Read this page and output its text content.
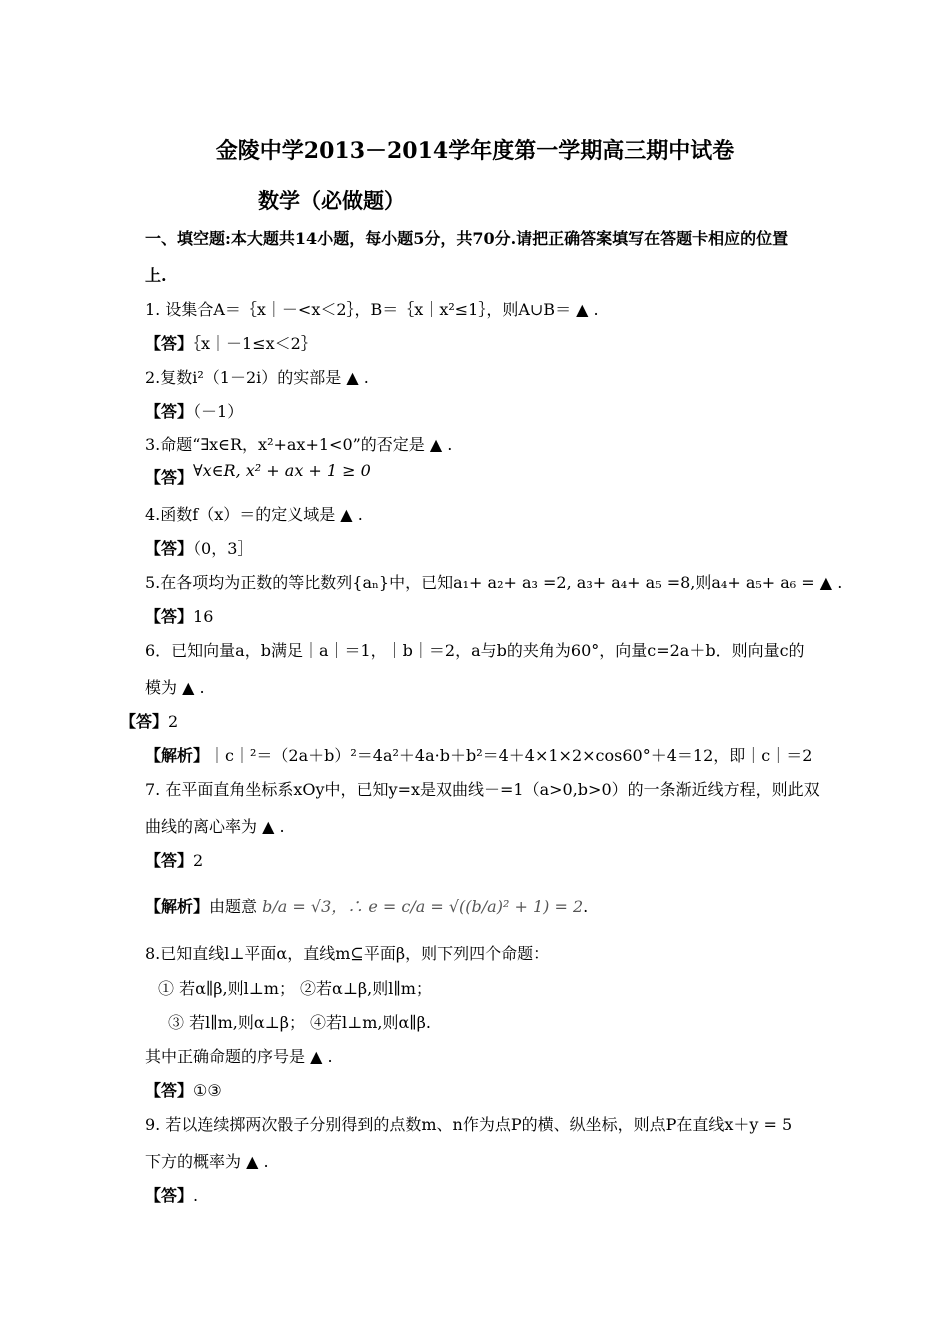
金陵中学2013－2014学年度第一学期高三期中试卷
数学（必做题）
一、填空题:本大题共14小题，每小题5分，共70分.请把正确答案填写在答题卡相应的位置
上.
1. 设集合A＝｛x｜－<x＜2｝，B＝｛x｜x²≤1｝，则A∪B＝ ▲ .
【答】｛x｜－1≤x＜2｝
2.复数i²（1－2i）的实部是 ▲ .
【答】（－1）
3.命题“∃x∈R，x²+ax+1<0”的否定是 ▲ .
【答】∀x∈R, x² + ax + 1 ≥ 0
4.函数f（x）＝的定义域是 ▲ .
【答】（0，3］
5.在各项均为正数的等比数列{aₙ}中，已知a₁+ a₂+ a₃ =2, a₃+ a₄+ a₅ =8,则a₄+ a₅+ a₆ = ▲ .
【答】16
6．已知向量a，b满足｜a｜＝1，｜b｜＝2，a与b的夹角为60°，向量c=2a＋b．则向量c的
模为 ▲ .
【答】2
【解析】｜c｜²＝（2a＋b）²＝4a²＋4a·b＋b²＝4＋4×1×2×cos60°＋4＝12，即｜c｜＝2
7. 在平面直角坐标系xOy中，已知y=x是双曲线－=1（a>0,b>0）的一条渐近线方程，则此双
曲线的离心率为 ▲ .
【答】2
【解析】由题意 b/a = √3，∴ e = c/a = √((b/a)² + 1) = 2.
8.已知直线l⊥平面α，直线m⊆平面β，则下列四个命题：
① 若α∥β,则l⊥m； ②若α⊥β,则l∥m；
③ 若l∥m,则α⊥β； ④若l⊥m,则α∥β.
其中正确命题的序号是 ▲ .
【答】①③
9. 若以连续掷两次骰子分别得到的点数m、n作为点P的横、纵坐标，则点P在直线x＋y = 5
下方的概率为 ▲ .
【答】.
